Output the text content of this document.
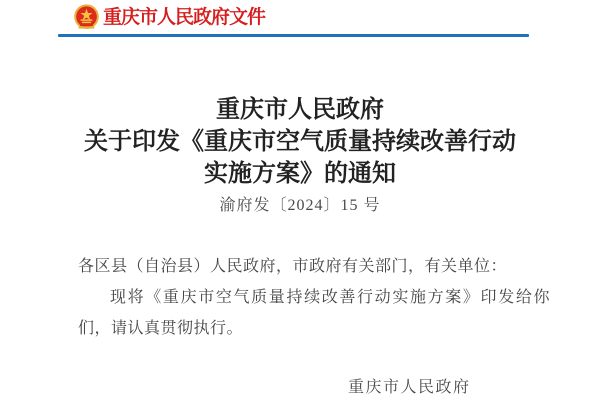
重庆市人民政府文件
重庆市人民政府
关于印发《重庆市空气质量持续改善行动
实施方案》的通知
渝府发〔2024〕15 号
各区县（自治县）人民政府，市政府有关部门，有关单位：

现将《重庆市空气质量持续改善行动实施方案》印发给你们，请认真贯彻执行。

重庆市人民政府
